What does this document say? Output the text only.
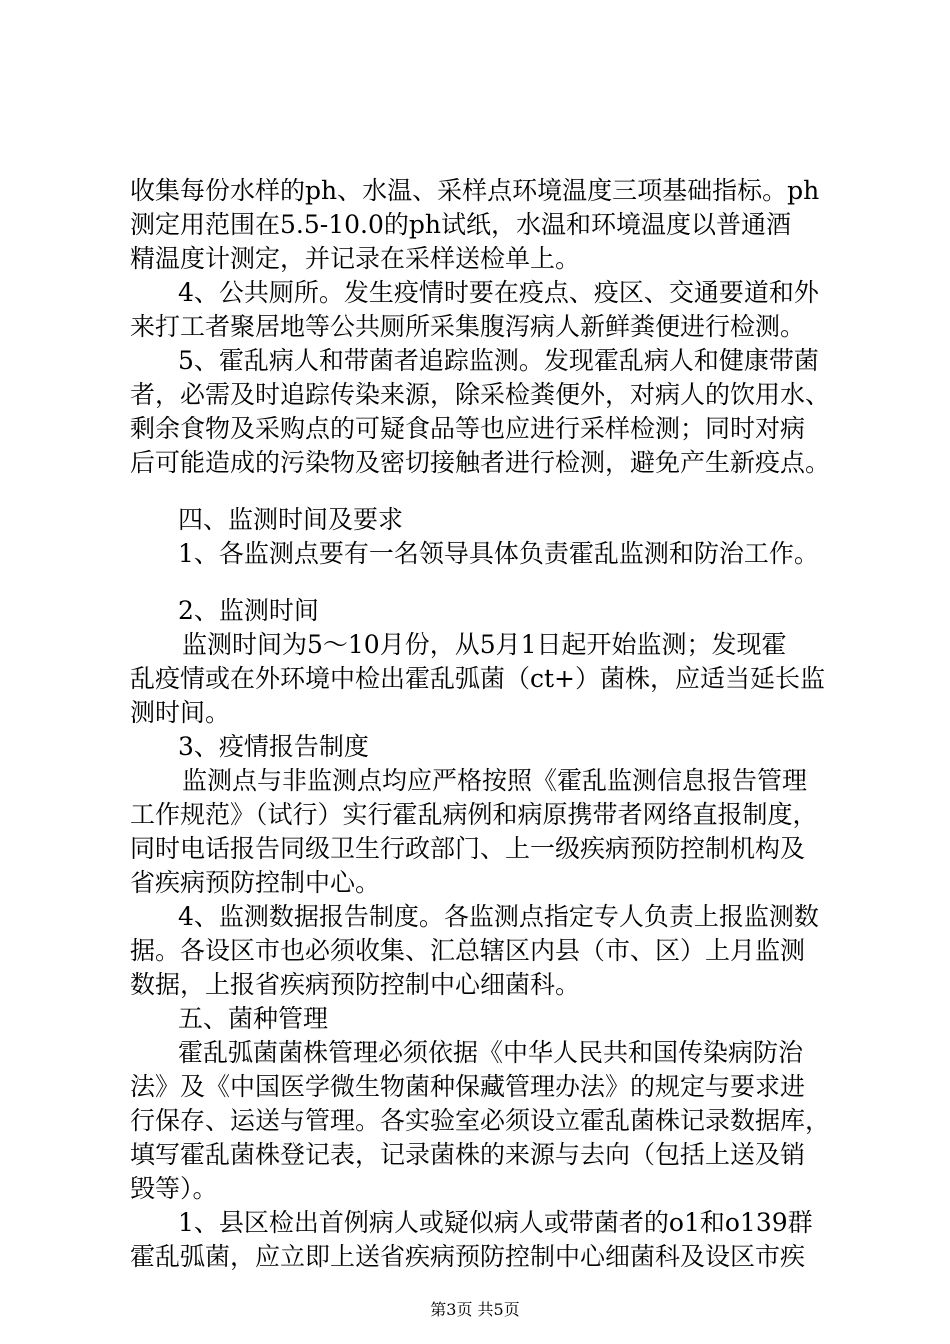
收集每份水样的ph、水温、采样点环境温度三项基础指标。ph
测定用范围在5.5-10.0的ph试纸，水温和环境温度以普通酒
精温度计测定，并记录在采样送检单上。
4、公共厕所。发生疫情时要在疫点、疫区、交通要道和外
来打工者聚居地等公共厕所采集腹泻病人新鲜粪便进行检测。
5、霍乱病人和带菌者追踪监测。发现霍乱病人和健康带菌
者，必需及时追踪传染来源，除采检粪便外，对病人的饮用水、
剩余食物及采购点的可疑食品等也应进行采样检测；同时对病
后可能造成的污染物及密切接触者进行检测，避免产生新疫点。
四、监测时间及要求
1、各监测点要有一名领导具体负责霍乱监测和防治工作。
2、监测时间
监测时间为5～10月份，从5月1日起开始监测；发现霍
乱疫情或在外环境中检出霍乱弧菌（ct+）菌株，应适当延长监
测时间。
3、疫情报告制度
监测点与非监测点均应严格按照《霍乱监测信息报告管理
工作规范》（试行）实行霍乱病例和病原携带者网络直报制度，
同时电话报告同级卫生行政部门、上一级疾病预防控制机构及
省疾病预防控制中心。
4、监测数据报告制度。各监测点指定专人负责上报监测数
据。各设区市也必须收集、汇总辖区内县（市、区）上月监测
数据，上报省疾病预防控制中心细菌科。
五、菌种管理
霍乱弧菌菌株管理必须依据《中华人民共和国传染病防治
法》及《中国医学微生物菌种保藏管理办法》的规定与要求进
行保存、运送与管理。各实验室必须设立霍乱菌株记录数据库，
填写霍乱菌株登记表，记录菌株的来源与去向（包括上送及销
毁等）。
1、县区检出首例病人或疑似病人或带菌者的o1和o139群
霍乱弧菌，应立即上送省疾病预防控制中心细菌科及设区市疾
第3页 共5页
